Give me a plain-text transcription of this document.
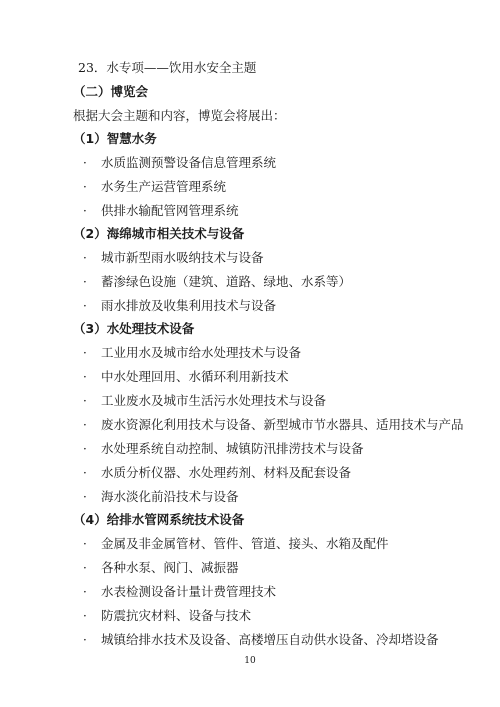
23．水专项——饮用水安全主题
（二）博览会
根据大会主题和内容，博览会将展出：
（1）智慧水务
· 水质监测预警设备信息管理系统
· 水务生产运营管理系统
· 供排水输配管网管理系统
（2）海绵城市相关技术与设备
· 城市新型雨水吸纳技术与设备
· 蓄渗绿色设施（建筑、道路、绿地、水系等）
· 雨水排放及收集利用技术与设备
（3）水处理技术设备
· 工业用水及城市给水处理技术与设备
· 中水处理回用、水循环利用新技术
· 工业废水及城市生活污水处理技术与设备
· 废水资源化利用技术与设备、新型城市节水器具、适用技术与产品
· 水处理系统自动控制、城镇防汛排涝技术与设备
· 水质分析仪器、水处理药剂、材料及配套设备
· 海水淡化前沿技术与设备
（4）给排水管网系统技术设备
· 金属及非金属管材、管件、管道、接头、水箱及配件
· 各种水泵、阀门、减振器
· 水表检测设备计量计费管理技术
· 防震抗灾材料、设备与技术
· 城镇给排水技术及设备、高楼增压自动供水设备、冷却塔设备
10
